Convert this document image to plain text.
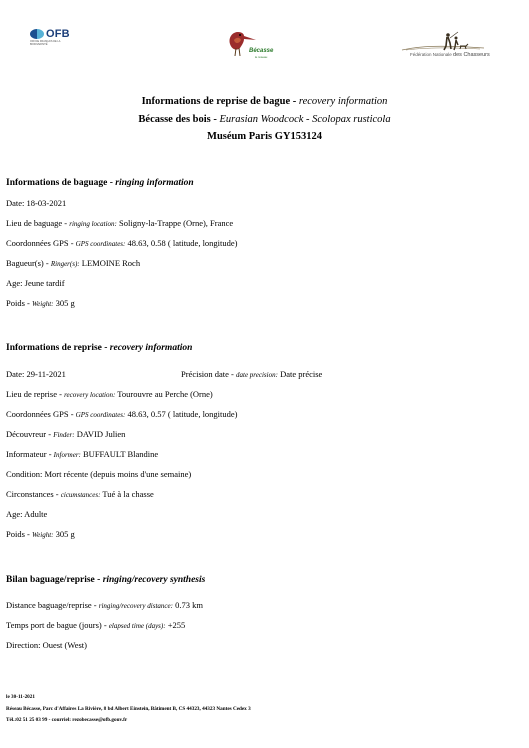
OFB
OFFICE FRANÇAIS DE LA BIODIVERSITÉ
Bécasse
le réseau	Fédération Nationale des Chasseurs
Informations de reprise de bague - recovery information
Bécasse des bois - Eurasian Woodcock - Scolopax rusticola
Muséum Paris GY153124
Informations de baguage - ringing information
Date: 18-03-2021
Lieu de baguage - ringing location: Soligny-la-Trappe (Orne), France
Coordonnées GPS - GPS coordinates: 48.63, 0.58 ( latitude, longitude)
Bagueur(s) - Ringer(s): LEMOINE Roch
Age: Jeune tardif
Poids - Weight: 305 g
Informations de reprise - recovery information
Date: 29-11-2021	Précision date - date precision: Date précise
Lieu de reprise - recovery location: Tourouvre au Perche (Orne)
Coordonnées GPS - GPS coordinates: 48.63, 0.57 ( latitude, longitude)
Découvreur - Finder: DAVID Julien
Informateur - Informer: BUFFAULT Blandine
Condition: Mort récente (depuis moins d'une semaine)
Circonstances - cicumstances: Tué à la chasse
Age: Adulte
Poids - Weight: 305 g
Bilan baguage/reprise - ringing/recovery synthesis
Distance baguage/reprise - ringing/recovery distance: 0.73 km
Temps port de bague (jours) - elapsed time (days): +255
Direction: Ouest (West)
le 30-11-2021
Réseau Bécasse, Parc d'Affaires La Rivière, 8 bd Albert Einstein, Bâtiment B, CS 44323, 44323 Nantes Cedex 3
Tél.:02 51 25 03 99 - courriel: rezobecasse@ofb.gouv.fr
